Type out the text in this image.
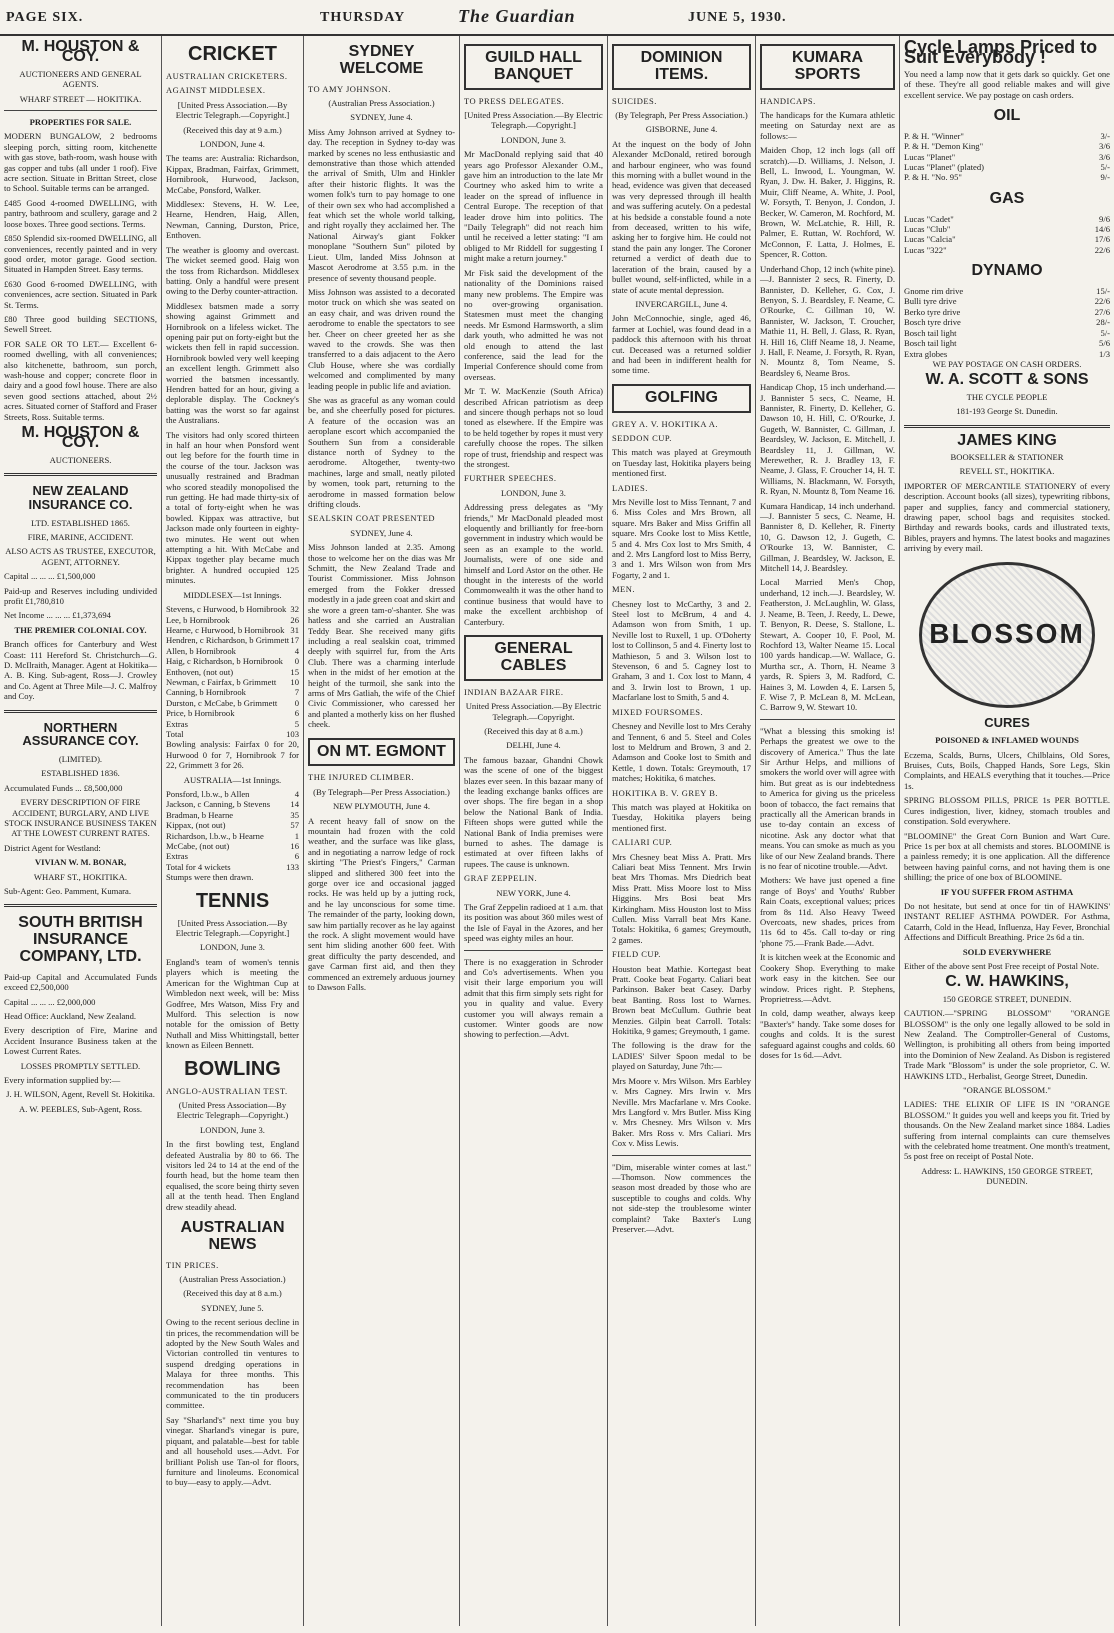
PAGE SIX.	THURSDAY	The Guardian	JUNE 5, 1930.
M. HOUSTON & COY.

AUCTIONEERS AND GENERAL AGENTS.

WHARF STREET — HOKITIKA.

PROPERTIES FOR SALE.

MODERN BUNGALOW, 2 bedrooms sleeping porch, sitting room, kitchenette with gas stove, bath-room, wash house with gas copper and tubs (all under 1 roof). Five acre section. Situate in Brittan Street, close to School. Suitable terms can be arranged.

£485 Good 4-roomed DWELLING, with pantry, bathroom and scullery, garage and 2 loose boxes. Three good sections. Terms.

£850 Splendid six-roomed DWELLING, all conveniences, recently painted and in very good order, motor garage. Good section. Situated in Hampden Street. Easy terms.

£630 Good 6-roomed DWELLING, with conveniences, acre section. Situated in Park St. Terms.

£80 Three good building SECTIONS, Sewell Street.

FOR SALE OR TO LET.— Excellent 6-roomed dwelling, with all conveniences; also kitchenette, bathroom, sun porch, wash-house and copper; concrete floor in dairy and a good fowl house. There are also seven good sections attached, about 2½ acres. Situated corner of Stafford and Fraser Streets, Ross. Suitable terms.

M. HOUSTON & COY.

AUCTIONEERS.

NEW ZEALAND INSURANCE CO.

LTD. ESTABLISHED 1865.

FIRE, MARINE, ACCIDENT.

ALSO ACTS AS TRUSTEE, EXECUTOR, AGENT, ATTORNEY.

Capital ... ... ... £1,500,000

Paid-up and Reserves including undivided profit £1,780,810

Net Income ... ... ... £1,373,694

THE PREMIER COLONIAL COY.

Branch offices for Canterbury and West Coast: 111 Hereford St. Christchurch—G. D. McIlraith, Manager. Agent at Hokitika—A. B. King. Sub-agent, Ross—J. Crowley and Co. Agent at Three Mile—J. C. Malfroy and Coy.

NORTHERN ASSURANCE COY.

(LIMITED).

ESTABLISHED 1836.

Accumulated Funds ... £8,500,000

EVERY DESCRIPTION OF FIRE ACCIDENT, BURGLARY, AND LIVE STOCK INSURANCE BUSINESS TAKEN AT THE LOWEST CURRENT RATES.

District Agent for Westland:

VIVIAN W. M. BONAR,

WHARF ST., HOKITIKA.

Sub-Agent: Geo. Pamment, Kumara.

SOUTH BRITISH INSURANCE COMPANY, LTD.

Paid-up Capital and Accumulated Funds exceed £2,500,000

Capital ... ... ... £2,000,000

Head Office: Auckland, New Zealand.

Every description of Fire, Marine and Accident Insurance Business taken at the Lowest Current Rates.

LOSSES PROMPTLY SETTLED.

Every information supplied by:—

J. H. WILSON, Agent, Revell St. Hokitika.

A. W. PEEBLES, Sub-Agent, Ross.

CRICKET

AUSTRALIAN CRICKETERS.

AGAINST MIDDLESEX.

[United Press Association.—By Electric Telegraph.—Copyright.]

(Received this day at 9 a.m.)

LONDON, June 4.

The teams are: Australia: Richardson, Kippax, Bradman, Fairfax, Grimmett, Hornibrook, Hurwood, Jackson, McCabe, Ponsford, Walker.

Middlesex: Stevens, H. W. Lee, Hearne, Hendren, Haig, Allen, Newman, Canning, Durston, Price, Enthoven.

The weather is gloomy and overcast. The wicket seemed good. Haig won the toss from Richardson. Middlesex batting. Only a handful were present owing to the Derby counter-attraction.

Middlesex batsmen made a sorry showing against Grimmett and Hornibrook on a lifeless wicket. The opening pair put on forty-eight but the wickets then fell in rapid succession. Hornibrook bowled very well keeping an excellent length. Grimmett also worried the batsmen incessantly. Hendren batted for an hour, giving a deplorable display. The Cockney's batting was the worst so far against the Australians.

The visitors had only scored thirteen in half an hour when Ponsford went out leg before for the fourth time in the course of the tour. Jackson was unusually restrained and Bradman who scored steadily monopolised the run getting. He had made thirty-six of a total of forty-eight when he was bowled. Kippax was attractive, but Jackson made only fourteen in eighty-two minutes. He went out when attempting a hit. With McCabe and Kippax together play became much brighter. A hundred occupied 125 minutes.

MIDDLESEX—1st Innings.

Stevens, c Hurwood, b Hornibrook 32
Lee, b Hornibrook	26
Hearne, c Hurwood, b Hornibrook 31
Hendren, c Richardson, b Grimmett 17
Allen, b Hornibrook	4
Haig, c Richardson, b Hornibrook 0
Enthoven, (not out)	15
Newman, c Fairfax, b Grimmett 10
Canning, b Hornibrook	7
Durston, c McCabe, b Grimmett 0
Price, b Hornibrook	6
Extras	5
Total	103

Bowling analysis: Fairfax 0 for 20, Hurwood 0 for 7, Hornibrook 7 for 22, Grimmett 3 for 26.

AUSTRALIA—1st Innings.

Ponsford, l.b.w., b Allen	4
Jackson, c Canning, b Stevens 14
Bradman, b Hearne	35
Kippax, (not out)	57
Richardson, l.b.w., b Hearne	1
McCabe, (not out)	16
Extras	6
Total for 4 wickets	133

Stumps were then drawn.

TENNIS

[United Press Association.—By Electric Telegraph.—Copyright.]

LONDON, June 3.

England's team of women's tennis players which is meeting the American for the Wightman Cup at Wimbledon next week, will be: Miss Godfree, Mrs Watson, Miss Fry and Mulford. This selection is now notable for the omission of Betty Nuthall and Miss Whittingstall, better known as Eileen Bennett.

BOWLING

ANGLO-AUSTRALIAN TEST.

(United Press Association—By Electric Telegraph—Copyright.)

LONDON, June 3.

In the first bowling test, England defeated Australia by 80 to 66. The visitors led 24 to 14 at the end of the fourth head, but the home team then equalised, the score being thirty seven all at the tenth head. Then England drew steadily ahead.

AUSTRALIAN NEWS

TIN PRICES.

(Australian Press Association.)

(Received this day at 8 a.m.)

SYDNEY, June 5.

Owing to the recent serious decline in tin prices, the recommendation will be adopted by the New South Wales and Victorian controlled tin ventures to suspend dredging operations in Malaya for three months. This recommendation has been communicated to the tin producers committee.

Say "Sharland's" next time you buy vinegar. Sharland's vinegar is pure, piquant, and palatable—best for table and all household uses.—Advt. For brilliant Polish use Tan-ol for floors, furniture and linoleums. Economical to buy—easy to apply.—Advt.

SYDNEY WELCOME

TO AMY JOHNSON.

(Australian Press Association.)

SYDNEY, June 4.

Miss Amy Johnson arrived at Sydney to-day. The reception in Sydney to-day was marked by scenes no less enthusiastic and demonstrative than those which attended the arrival of Smith, Ulm and Hinkler after their historic flights. It was the women folk's turn to pay homage to one of their own sex who had accomplished a feat which set the whole world talking, and right royally they acclaimed her. The National Airway's giant Fokker monoplane "Southern Sun" piloted by Lieut. Ulm, landed Miss Johnson at Mascot Aerodrome at 3.55 p.m. in the presence of seventy thousand people.

Miss Johnson was assisted to a decorated motor truck on which she was seated on an easy chair, and was driven round the aerodrome to enable the spectators to see her. Cheer on cheer greeted her as she waved to the crowds. She was then transferred to a dais adjacent to the Aero Club House, where she was cordially welcomed and complimented by many leading people in public life and aviation.

She was as graceful as any woman could be, and she cheerfully posed for pictures. A feature of the occasion was an aeroplane escort which accompanied the Southern Sun from a considerable distance north of Sydney to the aerodrome. Altogether, twenty-two machines, large and small, neatly piloted by women, took part, returning to the aerodrome in massed formation below drifting clouds.

SEALSKIN COAT PRESENTED

SYDNEY, June 4.

Miss Johnson landed at 2.35. Among those to welcome her on the dias was Mr Schmitt, the New Zealand Trade and Tourist Commissioner. Miss Johnson emerged from the Fokker dressed modestly in a jade green coat and skirt and she wore a green tam-o'-shanter. She was hatless and she carried an Australian Teddy Bear. She received many gifts including a real sealskin coat, trimmed deeply with squirrel fur, from the Arts Club. There was a charming interlude when in the midst of her emotion at the height of the turmoil, she sank into the arms of Mrs Gatliah, the wife of the Chief Civic Commissioner, who caressed her and planted a motherly kiss on her flushed cheek.

ON MT. EGMONT

THE INJURED CLIMBER.

(By Telegraph—Per Press Association.)

NEW PLYMOUTH, June 4.

A recent heavy fall of snow on the mountain had frozen with the cold weather, and the surface was like glass, and in negotiating a narrow ledge of rock skirting "The Priest's Fingers," Carman slipped and slithered 300 feet into the gorge over ice and occasional jagged rocks. He was held up by a jutting rock, and he lay unconscious for some time. The remainder of the party, looking down, saw him partially recover as he lay against the rock. A slight movement would have sent him sliding another 600 feet. With great difficulty the party descended, and gave Carman first aid, and then they commenced an extremely arduous journey to Dawson Falls.

GUILD HALL BANQUET

TO PRESS DELEGATES.

[United Press Association.—By Electric Telegraph.—Copyright.]

LONDON, June 3.

Mr MacDonald replying said that 40 years ago Professor Alexander O.M., gave him an introduction to the late Mr Courtney who asked him to write a leader on the spread of influence in Central Europe. The reception of that leader drove him into politics. The "Daily Telegraph" did not reach him until he received a letter stating: "I am obliged to Mr Riddell for suggesting I might make a return journey."

Mr Fisk said the development of the nationality of the Dominions raised many new problems. The Empire was no over-growing organisation. Statesmen must meet the changing needs. Mr Esmond Harmsworth, a slim dark youth, who admitted he was not old enough to attend the last conference, said the lead for the Imperial Conference should come from overseas.

Mr T. W. MacKenzie (South Africa) described African patriotism as deep and sincere though perhaps not so loud toned as elsewhere. If the Empire was to be held together by ropes it must very carefully choose the ropes. The silken rope of trust, friendship and respect was the strongest.

FURTHER SPEECHES.

LONDON, June 3.

Addressing press delegates as "My friends," Mr MacDonald pleaded most eloquently and brilliantly for free-born government in industry which would be seen as an example to the world. Journalists, were of one side and himself and Lord Astor on the other. He thought in the interests of the world Commonwealth it was the other hand to continue business that would have to make the excellent archbishop of Canterbury.

GENERAL CABLES

INDIAN BAZAAR FIRE.

United Press Association.—By Electric Telegraph.—Copyright.

(Received this day at 8 a.m.)

DELHI, June 4.

The famous bazaar, Ghandni Chowk was the scene of one of the biggest blazes ever seen. In this bazaar many of the leading exchange banks offices are over shops. The fire began in a shop below the National Bank of India. Fifteen shops were gutted while the National Bank of India premises were burned to ashes. The damage is estimated at over fifteen lakhs of rupees. The cause is unknown.

GRAF ZEPPELIN.

NEW YORK, June 4.

The Graf Zeppelin radioed at 1 a.m. that its position was about 360 miles west of the Isle of Fayal in the Azores, and her speed was eighty miles an hour.

There is no exaggeration in Schroder and Co's advertisements. When you visit their large emporium you will admit that this firm simply sets right for you in quality and value. Every customer you will always remain a customer. Winter goods are now showing to perfection.—Advt.

DOMINION ITEMS.

SUICIDES.

(By Telegraph, Per Press Association.)

GISBORNE, June 4.

At the inquest on the body of John Alexander McDonald, retired borough and harbour engineer, who was found this morning with a bullet wound in the head, evidence was given that deceased was very depressed through ill health and was suffering acutely. On a pedestal at his bedside a constable found a note from deceased, written to his wife, asking her to forgive him. He could not stand the pain any longer. The Coroner returned a verdict of death due to laceration of the brain, caused by a bullet wound, self-inflicted, while in a state of acute mental depression.

INVERCARGILL, June 4.

John McConnochie, single, aged 46, farmer at Lochiel, was found dead in a paddock this afternoon with his throat cut. Deceased was a returned soldier and had been in indifferent health for some time.

GOLFING

GREY A. V. HOKITIKA A.

SEDDON CUP.

This match was played at Greymouth on Tuesday last, Hokitika players being mentioned first.

LADIES.

Mrs Neville lost to Miss Tennant, 7 and 6. Miss Coles and Mrs Brown, all square. Mrs Baker and Miss Griffin all square. Mrs Cooke lost to Miss Kettle, 5 and 4. Mrs Cox lost to Mrs Smith, 4 and 2. Mrs Langford lost to Miss Berry, 3 and 1. Mrs Wilson won from Mrs Fogarty, 2 and 1.

MEN.

Chesney lost to McCarthy, 3 and 2. Steel lost to McBrum, 4 and 4. Adamson won from Smith, 1 up. Neville lost to Ruxell, 1 up. O'Doherty lost to Collinson, 5 and 4. Finerty lost to Mathieson, 5 and 3. Wilson lost to Stevenson, 6 and 5. Cagney lost to Graham, 3 and 1. Cox lost to Mann, 4 and 3. Irwin lost to Brown, 1 up. Macfarlane lost to Smith, 5 and 4.

MIXED FOURSOMES.

Chesney and Neville lost to Mrs Cerahy and Tennent, 6 and 5. Steel and Coles lost to Meldrum and Brown, 3 and 2. Adamson and Cooke lost to Smith and Kettle, 1 down. Totals: Greymouth, 17 matches; Hokitika, 6 matches.

HOKITIKA B. V. GREY B.

This match was played at Hokitika on Tuesday, Hokitika players being mentioned first.

CALIARI CUP.

Mrs Chesney beat Miss A. Pratt. Mrs Caliari beat Miss Tennent. Mrs Irwin beat Mrs Thomas. Mrs Diedrich beat Miss Pratt. Miss Moore lost to Miss Higgins. Mrs Bosi beat Mrs Kirkingham. Miss Houston lost to Miss Cullen. Miss Varrall beat Mrs Kane. Totals: Hokitika, 6 games; Greymouth, 2 games.

FIELD CUP.

Houston beat Mathie. Kortegast beat Pratt. Cooke beat Fogarty. Caliari beat Parkinson. Baker beat Casey. Darby beat Banting. Ross lost to Warnes. Brown beat McCullum. Guthrie beat Menzies. Gilpin beat Carroll. Totals: Hokitika, 9 games; Greymouth, 1 game.

The following is the draw for the LADIES' Silver Spoon medal to be played on Saturday, June 7th:—

Mrs Moore v. Mrs Wilson. Mrs Earbley v. Mrs Cagney. Mrs Irwin v. Mrs Neville. Mrs Macfarlane v. Mrs Cooke. Mrs Langford v. Mrs Butler. Miss King v. Mrs Chesney. Mrs Wilson v. Mrs Baker. Mrs Ross v. Mrs Caliari. Mrs Cox v. Miss Lewis.

"Dim, miserable winter comes at last." —Thomson. Now commences the season most dreaded by those who are susceptible to coughs and colds. Why not side-step the troublesome winter complaint? Take Baxter's Lung Preserver.—Advt.

KUMARA SPORTS

HANDICAPS.

The handicaps for the Kumara athletic meeting on Saturday next are as follows:—

Maiden Chop, 12 inch logs (all off scratch).—D. Williams, J. Nelson, J. Bell, L. Inwood, L. Youngman, W. Ryan, J. Dw. H. Baker, J. Higgins, R. Muir, Cliff Neame, A. White, J. Pool, W. Forsyth, T. Benyon, J. Condon, J. Becker, W. Cameron, M. Rochford, M. Brown, W. McLatchie, R. Hill, R. Palmer, E. Ruttan, W. Rochford, W. McConnon, F. Latta, J. Holmes, E. Spencer, R. Cotton.

Underhand Chop, 12 inch (white pine).—J. Bannister 2 secs, R. Finerty, D. Bannister, D. Kelleher, G. Cox, J. Benyon, S. J. Beardsley, F. Neame, C. O'Rourke, C. Gillman 10, W. Bannister, W. Jackson, T. Croucher, Mathie 11, H. Bell, J. Glass, R. Ryan, H. Hill 16, Cliff Neame 18, J. Neame, J. Hall, F. Neame, J. Forsyth, R. Ryan, N. Mountz 8, Tom Neame, S. Beardsley 6, Neame Bros.

Handicap Chop, 15 inch underhand.—J. Bannister 5 secs, C. Neame, H. Bannister, R. Finerty, D. Kelleher, G. Dawson 10, H. Hill, C. O'Rourke, J. Gugeth, W. Bannister, C. Gillman, J. Beardsley, W. Jackson, E. Mitchell, J. Beardsley 11, J. Gillman, W. Merewether, R. J. Bradley 13, F. Neame, J. Glass, F. Croucher 14, H. T. Williams, N. Blackmann, W. Forsyth, R. Ryan, N. Mountz 8, Tom Neame 16.

Kumara Handicap, 14 inch underhand.—J. Bannister 5 secs, C. Neame, H. Bannister 8, D. Kelleher, R. Finerty 10, G. Dawson 12, J. Gugeth, C. O'Rourke 13, W. Bannister, C. Gillman, J. Beardsley, W. Jackson, E. Mitchell 14, J. Beardsley.

Local Married Men's Chop, underhand, 12 inch.—J. Beardsley, W. Featherston, J. McLaughlin, W. Glass, J. Neame, B. Teen, J. Reedy, L. Dewe, T. Benyon, R. Deese, S. Stallone, L. Stewart, A. Cooper 10, F. Pool, M. Rochford 13, Walter Neame 15. Local 100 yards handicap.—W. Wallace, G. Murtha scr., A. Thorn, H. Neame 3 yards, R. Spiers 3, M. Radford, C. Haines 3, M. Lowden 4, E. Larsen 5, F. Wise 7, P. McLean 8, M. McLean, C. Barrow 9, W. Stewart 10.

"What a blessing this smoking is! Perhaps the greatest we owe to the discovery of America." Thus the late Sir Arthur Helps, and millions of smokers the world over will agree with him. But great as is our indebtedness to America for giving us the priceless boon of tobacco, the fact remains that practically all the American brands in use to-day contain an excess of nicotine. Ask any doctor what that means. You can smoke as much as you like of our New Zealand brands. There is no fear of nicotine trouble.—Advt.

Mothers: We have just opened a fine range of Boys' and Youths' Rubber Rain Coats, exceptional values; prices from 8s 11d. Also Heavy Tweed Overcoats, new shades, prices from 11s 6d to 45s. Call to-day or ring 'phone 75.—Frank Bade.—Advt.

It is kitchen week at the Economic and Cookery Shop. Everything to make work easy in the kitchen. See our window. Prices right. P. Stephens, Proprietress.—Advt.

In cold, damp weather, always keep "Baxter's" handy. Take some doses for coughs and colds. It is the surest safeguard against coughs and colds. 60 doses for 1s 6d.—Advt.

Cycle Lamps Priced to Suit Everybody !

You need a lamp now that it gets dark so quickly. Get one of these. They're all good reliable makes and will give excellent service. We pay postage on cash orders.

OIL
P. & H. "Winner"	3/-
P. & H. "Demon King"	3/6
Lucas "Planet"	3/6
Lucas "Planet" (plated)	5/-
P. & H. "No. 95"	9/-
GAS
Lucas "Cadet"	9/6
Lucas "Club"	14/6
Lucas "Calcia"	17/6
Lucas "322"	22/6
DYNAMO
Gnome rim drive	15/-
Bulli tyre drive	22/6
Berko tyre drive	27/6
Bosch tyre drive	28/-
Bosch tail light	5/-
Bosch tail light	5/6
Extra globes	1/3

WE PAY POSTAGE ON CASH ORDERS.

W. A. SCOTT & SONS

THE CYCLE PEOPLE

181-193 George St. Dunedin.

JAMES KING

BOOKSELLER & STATIONER

REVELL ST., HOKITIKA.

IMPORTER OF MERCANTILE STATIONERY of every description. Account books (all sizes), typewriting ribbons, paper and supplies, fancy and commercial stationery, drawing paper, school bags and requisites stocked. Birthday and rewards books, cards and illustrated texts, Bibles, prayers and hymns. The latest books and magazines arriving by every mail.

BLOSSOM
CURES

POISONED & INFLAMED WOUNDS

Eczema, Scalds, Burns, Ulcers, Chilblains, Old Sores, Bruises, Cuts, Boils, Chapped Hands, Sore Legs, Skin Complaints, and HEALS everything that it touches.—Price 1s.

SPRING BLOSSOM PILLS, PRICE 1s PER BOTTLE. Cures indigestion, liver, kidney, stomach troubles and constipation. Sold everywhere.

"BLOOMINE" the Great Corn Bunion and Wart Cure. Price 1s per box at all chemists and stores. BLOOMINE is a painless remedy; it is one application. All the difference between having painful corns, and not having them is one shilling; the price of one box of BLOOMINE.

IF YOU SUFFER FROM ASTHMA

Do not hesitate, but send at once for tin of HAWKINS' INSTANT RELIEF ASTHMA POWDER. For Asthma, Catarrh, Cold in the Head, Influenza, Hay Fever, Bronchial Affections and Difficult Breathing. Price 2s 6d a tin.

SOLD EVERYWHERE

Either of the above sent Post Free receipt of Postal Note.

C. W. HAWKINS,

150 GEORGE STREET, DUNEDIN.

CAUTION.—"SPRING BLOSSOM" "ORANGE BLOSSOM" is the only one legally allowed to be sold in New Zealand. The Comptroller-General of Customs, Wellington, is prohibiting all others from being imported into the Dominion of New Zealand. As Disbon is registered Trade Mark "Blossom" is under the sole proprietor, C. W. HAWKINS LTD., Herbalist, George Street, Dunedin.

"ORANGE BLOSSOM."

LADIES: THE ELIXIR OF LIFE IS IN "ORANGE BLOSSOM." It guides you well and keeps you fit. Tried by thousands. On the New Zealand market since 1884. Ladies suffering from internal complaints can cure themselves with the celebrated home treatment. One month's treatment, 5s post free on receipt of Postal Note.

Address: L. HAWKINS, 150 GEORGE STREET, DUNEDIN.
